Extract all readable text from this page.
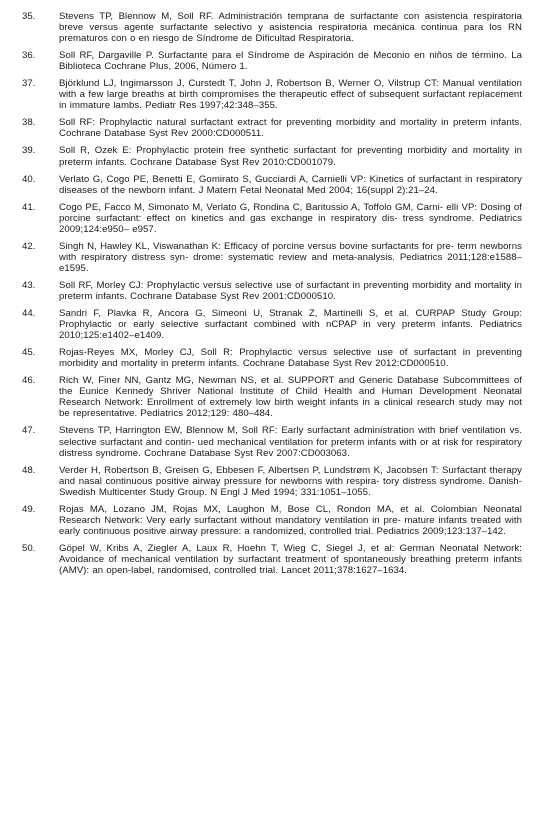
35.	Stevens TP, Blennow M, Soll RF. Administración temprana de surfactante con asistencia respiratoria breve versus agente surfactante selectivo y asistencia respiratoria mecánica continua para los RN prematuros con o en riesgo de Síndrome de Dificultad Respiratoria.
36.	Soll RF, Dargaville P. Surfactante para el Síndrome de Aspiración de Meconio en niños de término. La Biblioteca Cochrane Plus, 2006, Número 1.
37.	Björklund LJ, Ingimarsson J, Curstedt T, John J, Robertson B, Werner O, Vilstrup CT: Manual ventilation with a few large breaths at birth compromises the therapeutic effect of subsequent surfactant replacement in immature lambs. Pediatr Res 1997;42:348–355.
38.	Soll RF: Prophylactic natural surfactant extract for preventing morbidity and mortality in preterm infants. Cochrane Database Syst Rev 2000:CD000511.
39.	Soll R, Ozek E: Prophylactic protein free synthetic surfactant for preventing morbidity and mortality in preterm infants. Cochrane Database Syst Rev 2010:CD001079.
40.	Verlato G, Cogo PE, Benetti E, Gomirato S, Gucciardi A, Carnielli VP: Kinetics of surfactant in respiratory diseases of the newborn infant. J Matern Fetal Neonatal Med 2004; 16(suppl 2):21–24.
41.	Cogo PE, Facco M, Simonato M, Verlato G, Rondina C, Baritussio A, Toffolo GM, Carni- elli VP: Dosing of porcine surfactant: effect on kinetics and gas exchange in respiratory dis- tress syndrome. Pediatrics 2009;124:e950– e957.
42.	Singh N, Hawley KL, Viswanathan K: Efficacy of porcine versus bovine surfactants for pre- term newborns with respiratory distress syn- drome: systematic review and meta-analysis. Pediatrics 2011;128:e1588–e1595.
43.	Soll RF, Morley CJ: Prophylactic versus selective use of surfactant in preventing morbidity and mortality in preterm infants. Cochrane Database Syst Rev 2001:CD000510.
44.	Sandri F, Plavka R, Ancora G, Simeoni U, Stranak Z, Martinelli S, et al. CURPAP Study Group: Prophylactic or early selective surfactant combined with nCPAP in very preterm infants. Pediatrics 2010;125:e1402–e1409.
45.	Rojas-Reyes MX, Morley CJ, Soll R: Prophylactic versus selective use of surfactant in preventing morbidity and mortality in preterm infants. Cochrane Database Syst Rev 2012:CD000510.
46.	Rich W, Finer NN, Gantz MG, Newman NS, et al. SUPPORT and Generic Database Subcommittees of the Eunice Kennedy Shriver National Institute of Child Health and Human Development Neonatal Research Network: Enrollment of extremely low birth weight infants in a clinical research study may not be representative. Pediatrics 2012;129: 480–484.
47.	Stevens TP, Harrington EW, Blennow M, Soll RF: Early surfactant administration with brief ventilation vs. selective surfactant and contin- ued mechanical ventilation for preterm infants with or at risk for respiratory distress syndrome. Cochrane Database Syst Rev 2007:CD003063.
48.	Verder H, Robertson B, Greisen G, Ebbesen F, Albertsen P, Lundstrøm K, Jacobsen T: Surfactant therapy and nasal continuous positive airway pressure for newborns with respira- tory distress syndrome. Danish-Swedish Multicenter Study Group. N Engl J Med 1994; 331:1051–1055.
49.	Rojas MA, Lozano JM, Rojas MX, Laughon M, Bose CL, Rondon MA, et al. Colombian Neonatal Research Network: Very early surfactant without mandatory ventilation in pre- mature infants treated with early continuous positive airway pressure: a randomized, controlled trial. Pediatrics 2009;123:137–142.
50.	Göpel W, Kribs A, Ziegler A, Laux R, Hoehn T, Wieg C, Siegel J, et al: German Neonatal Network: Avoidance of mechanical ventilation by surfactant treatment of spontaneously breathing preterm infants (AMV): an open-label, randomised, controlled trial. Lancet 2011;378:1627–1634.
